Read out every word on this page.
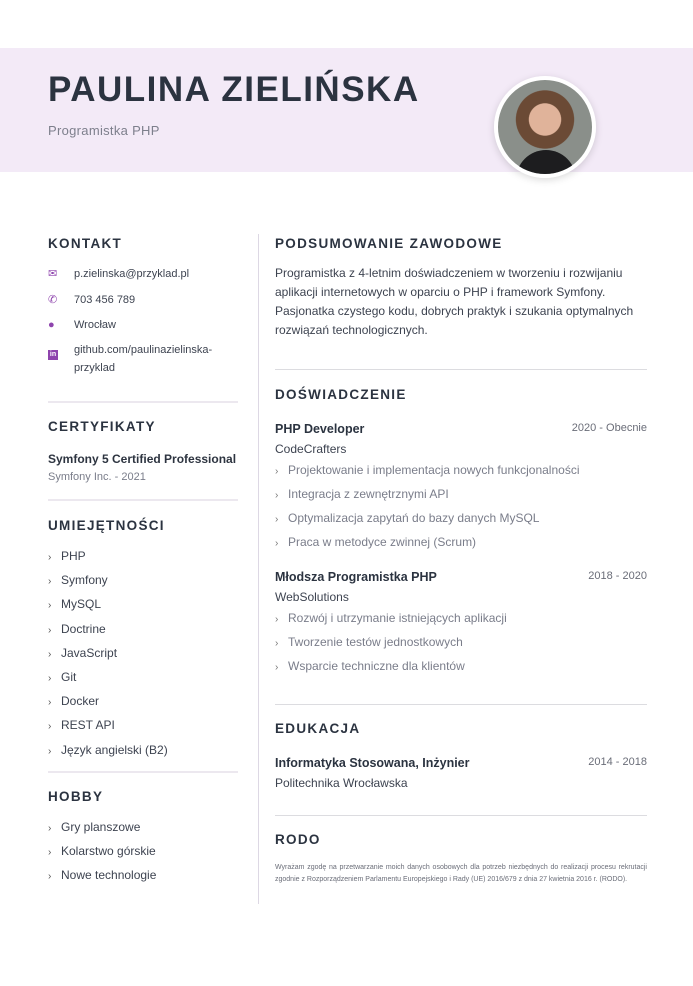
PAULINA ZIELIŃSKA
Programistka PHP
KONTAKT
✉	p.zielinska@przyklad.pl
✆	703 456 789
●	Wrocław
in	github.com/paulinazielinska-przyklad
CERTYFIKATY
Symfony 5 Certified Professional
Symfony Inc. - 2021
UMIEJĘTNOŚCI
› PHP
› Symfony
› MySQL
› Doctrine
› JavaScript
› Git
› Docker
› REST API
› Język angielski (B2)
HOBBY
› Gry planszowe
› Kolarstwo górskie
› Nowe technologie
PODSUMOWANIE ZAWODOWE

Programistka z 4-letnim doświadczeniem w tworzeniu i rozwijaniu aplikacji internetowych w oparciu o PHP i framework Symfony. Pasjonatka czystego kodu, dobrych praktyk i szukania optymalnych rozwiązań technologicznych.

DOŚWIADCZENIE
PHP Developer	2020 - Obecnie
CodeCrafters
› Projektowanie i implementacja nowych funkcjonalności
› Integracja z zewnętrznymi API
› Optymalizacja zapytań do bazy danych MySQL
› Praca w metodyce zwinnej (Scrum)
Młodsza Programistka PHP	2018 - 2020
WebSolutions
› Rozwój i utrzymanie istniejących aplikacji
› Tworzenie testów jednostkowych
› Wsparcie techniczne dla klientów
EDUKACJA
Informatyka Stosowana, Inżynier	2014 - 2018
Politechnika Wrocławska
RODO

Wyrażam zgodę na przetwarzanie moich danych osobowych dla potrzeb niezbędnych do realizacji procesu rekrutacji zgodnie z Rozporządzeniem Parlamentu Europejskiego i Rady (UE) 2016/679 z dnia 27 kwietnia 2016 r. (RODO).
